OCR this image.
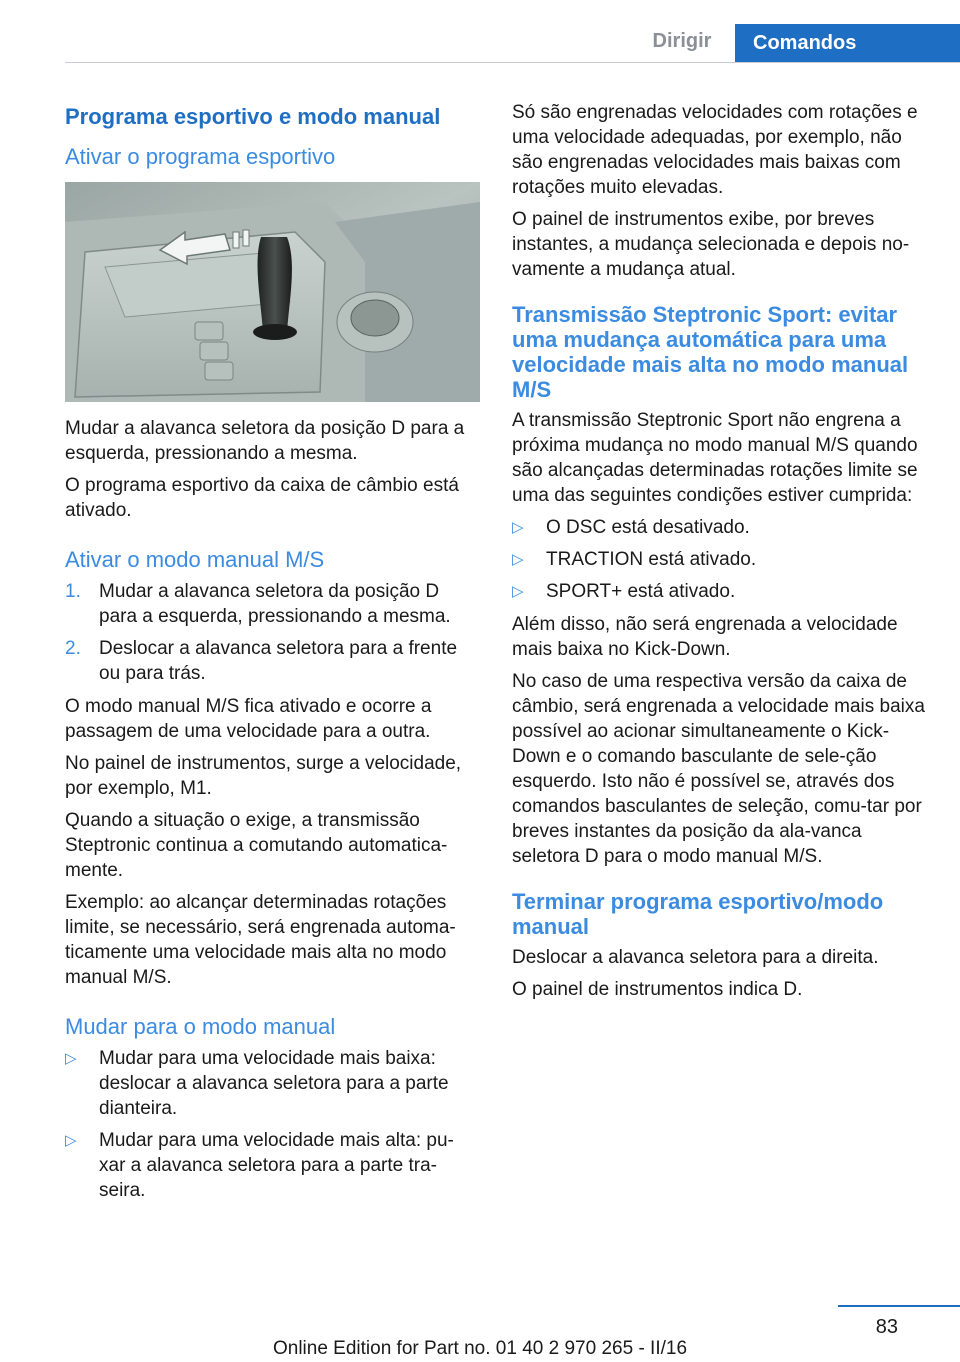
Dirigir	Comandos
Programa esportivo e modo manual
Ativar o programa esportivo

Mudar a alavanca seletora da posição D para a esquerda, pressionando a mesma.

O programa esportivo da caixa de câmbio está ativado.

Ativar o modo manual M/S
1. Mudar a alavanca seletora da posição D para a esquerda, pressionando a mesma.
2. Deslocar a alavanca seletora para a frente ou para trás.

O modo manual M/S fica ativado e ocorre a passagem de uma velocidade para a outra.

No painel de instrumentos, surge a velocidade, por exemplo, M1.

Quando a situação o exige, a transmissão Steptronic continua a comutando automatica‐mente.

Exemplo: ao alcançar determinadas rotações limite, se necessário, será engrenada automa‐ticamente uma velocidade mais alta no modo manual M/S.

Mudar para o modo manual
▷	Mudar para uma velocidade mais baixa: deslocar a alavanca seletora para a parte dianteira.
▷	Mudar para uma velocidade mais alta: pu‐xar a alavanca seletora para a parte tra‐seira.

Só são engrenadas velocidades com rotações e uma velocidade adequadas, por exemplo, não são engrenadas velocidades mais baixas com rotações muito elevadas.

O painel de instrumentos exibe, por breves instantes, a mudança selecionada e depois no‐vamente a mudança atual.

Transmissão Steptronic Sport: evitar uma mudança automática para uma velocidade mais alta no modo manual M/S

A transmissão Steptronic Sport não engrena a próxima mudança no modo manual M/S quando são alcançadas determinadas rotações limite se uma das seguintes condições estiver cumprida:

▷	O DSC está desativado.
▷	TRACTION está ativado.
▷	SPORT+ está ativado.

Além disso, não será engrenada a velocidade mais baixa no Kick-Down.

No caso de uma respectiva versão da caixa de câmbio, será engrenada a velocidade mais baixa possível ao acionar simultaneamente o Kick-Down e o comando basculante de sele‐ção esquerdo. Isto não é possível se, através dos comandos basculantes de seleção, comu‐tar por breves instantes da posição da ala‐vanca seletora D para o modo manual M/S.

Terminar programa esportivo/modo manual

Deslocar a alavanca seletora para a direita.

O painel de instrumentos indica D.

83
Online Edition for Part no. 01 40 2 970 265 - II/16
